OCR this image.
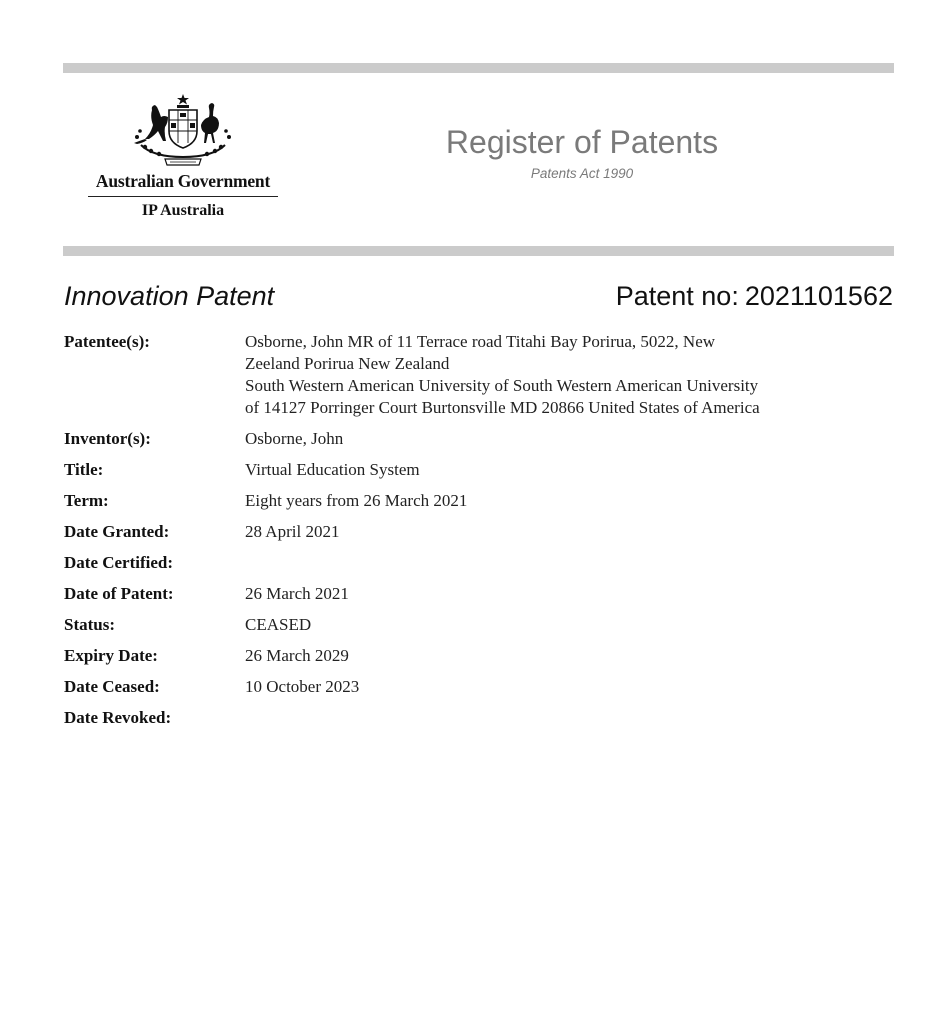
Australian Government
IP Australia
Register of Patents
Patents Act 1990
Innovation Patent	Patent no: 2021101562
Patentee(s):	Osborne, John MR of 11 Terrace road Titahi Bay Porirua, 5022, New Zeeland Porirua New Zealand
South Western American University of South Western American University of 14127 Porringer Court Burtonsville MD 20866 United States of America
Inventor(s):	Osborne, John
Title:	Virtual Education System
Term:	Eight years from 26 March 2021
Date Granted:	28 April 2021
Date Certified:
Date of Patent:	26 March 2021
Status:	CEASED
Expiry Date:	26 March 2029
Date Ceased:	10 October 2023
Date Revoked:
